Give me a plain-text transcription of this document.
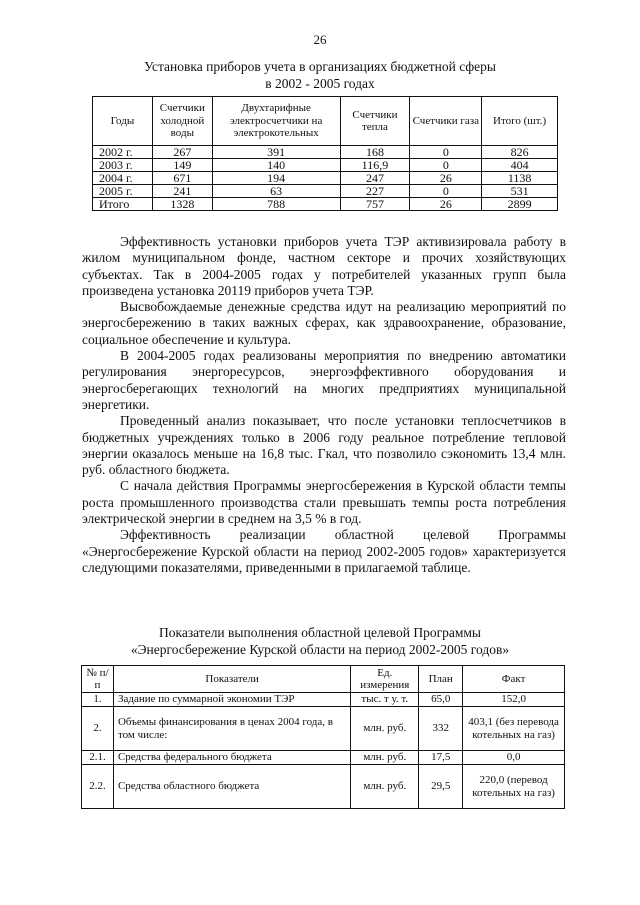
26
Установка приборов учета в организациях бюджетной сферы
в 2002 - 2005 годах
Годы	Счетчики холодной воды	Двухтарифные электросчетчики на электрокотельных	Счетчики тепла	Счетчики газа	Итого (шт.)
2002 г.	267	391	168	0	826
2003 г.	149	140	116,9	0	404
2004 г.	671	194	247	26	1138
2005 г.	241	63	227	0	531
Итого	1328	788	757	26	2899

Эффективность установки приборов учета ТЭР активизировала работу в жилом муниципальном фонде, частном секторе и прочих хозяйствующих субъектах. Так в 2004-2005 годах у потребителей указанных групп была произведена установка 20119 приборов учета ТЭР.

Высвобождаемые денежные средства идут на реализацию мероприятий по энергосбережению в таких важных сферах, как здравоохранение, образование, социальное обеспечение и культура.

В 2004-2005 годах реализованы мероприятия по внедрению автоматики регулирования энергоресурсов, энергоэффективного оборудования и энергосберегающих технологий на многих предприятиях муниципальной энергетики.

Проведенный анализ показывает, что после установки теплосчетчиков в бюджетных учреждениях только в 2006 году реальное потребление тепловой энергии оказалось меньше на 16,8 тыс. Гкал, что позволило сэкономить 13,4 млн. руб. областного бюджета.

С начала действия Программы энергосбережения в Курской области темпы роста промышленного производства стали превышать темпы роста потребления электрической энергии в среднем на 3,5 % в год.

Эффективность реализации областной целевой Программы «Энергосбережение Курской области на период 2002-2005 годов» характеризуется следующими показателями, приведенными в прилагаемой таблице.

Показатели выполнения областной целевой Программы
«Энергосбережение Курской области на период 2002-2005 годов»
№ п/п	Показатели	Ед. измерения	План	Факт
1.	Задание по суммарной экономии ТЭР	тыс. т у. т.	65,0	152,0
2.	Объемы финансирования в ценах 2004 года, в том числе:	млн. руб.	332	403,1 (без перевода котельных на газ)
2.1.	Средства федерального бюджета	млн. руб.	17,5	0,0
2.2.	Средства областного бюджета	млн. руб.	29,5	220,0 (перевод котельных на газ)
